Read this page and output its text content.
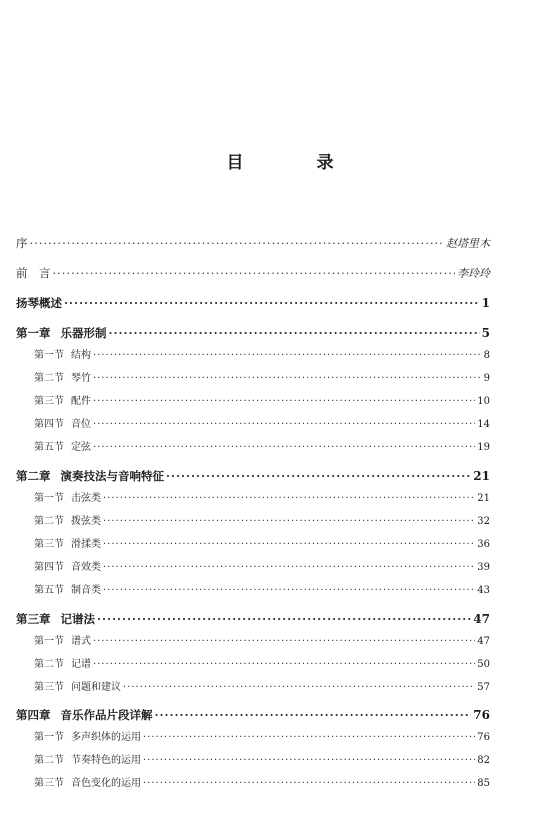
目　录
序 ·····	赵塔里木
前　言 ·····	李玲玲
扬琴概述 ·····	1
第一章 乐器形制 ·····	5
第一节 结构 ·····	8
第二节 琴竹 ·····	9
第三节 配件 ·····	10
第四节 音位 ·····	14
第五节 定弦 ·····	19
第二章 演奏技法与音响特征 ·····	21
第一节 击弦类 ·····	21
第二节 拨弦类 ·····	32
第三节 滑揉类 ·····	36
第四节 音效类 ·····	39
第五节 制音类 ·····	43
第三章 记谱法 ·····	47
第一节 谱式 ·····	47
第二节 记谱 ·····	50
第三节 问题和建议 ·····	57
第四章 音乐作品片段详解 ·····	76
第一节 多声织体的运用 ·····	76
第二节 节奏特色的运用 ·····	82
第三节 音色变化的运用 ·····	85
